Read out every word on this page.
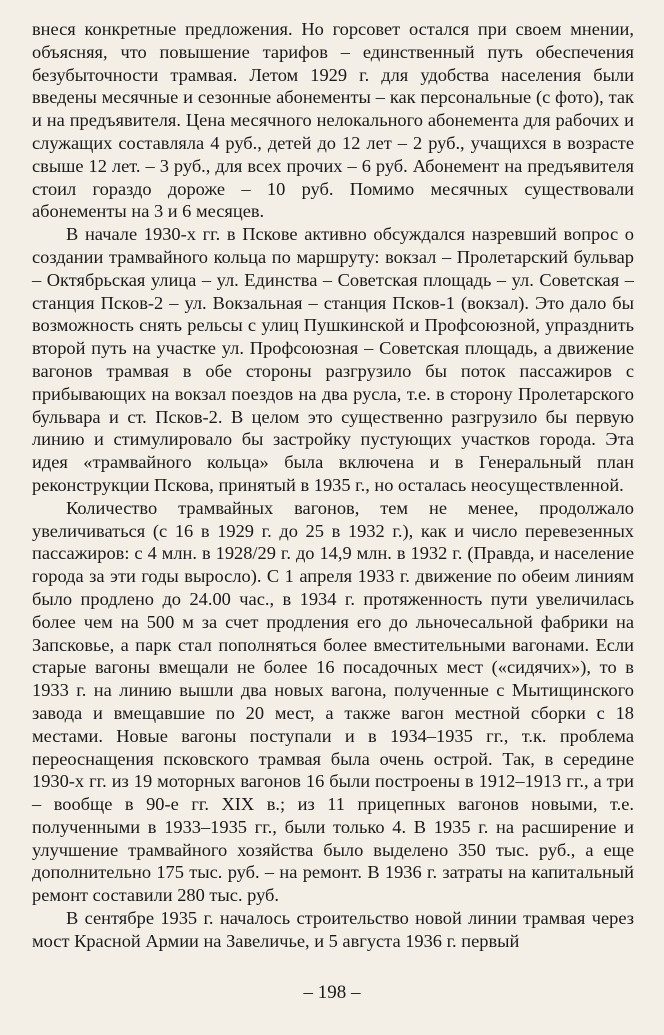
внеся конкретные предложения. Но горсовет остался при своем мнении, объясняя, что повышение тарифов – единственный путь обеспечения безубыточности трамвая. Летом 1929 г. для удобства населения были введены месячные и сезонные абонементы – как персональные (с фото), так и на предъявителя. Цена месячного нелокального абонемента для рабочих и служащих составляла 4 руб., детей до 12 лет – 2 руб., учащихся в возрасте свыше 12 лет. – 3 руб., для всех прочих – 6 руб. Абонемент на предъявителя стоил гораздо дороже – 10 руб. Помимо месячных существовали абонементы на 3 и 6 месяцев.

В начале 1930-х гг. в Пскове активно обсуждался назревший вопрос о создании трамвайного кольца по маршруту: вокзал – Пролетарский бульвар – Октябрьская улица – ул. Единства – Советская площадь – ул. Советская – станция Псков-2 – ул. Вокзальная – станция Псков-1 (вокзал). Это дало бы возможность снять рельсы с улиц Пушкинской и Профсоюзной, упразднить второй путь на участке ул. Профсоюзная – Советская площадь, а движение вагонов трамвая в обе стороны разгрузило бы поток пассажиров с прибывающих на вокзал поездов на два русла, т.е. в сторону Пролетарского бульвара и ст. Псков-2. В целом это существенно разгрузило бы первую линию и стимулировало бы застройку пустующих участков города. Эта идея «трамвайного кольца» была включена и в Генеральный план реконструкции Пскова, принятый в 1935 г., но осталась неосуществленной.

Количество трамвайных вагонов, тем не менее, продолжало увеличиваться (с 16 в 1929 г. до 25 в 1932 г.), как и число перевезенных пассажиров: с 4 млн. в 1928/29 г. до 14,9 млн. в 1932 г. (Правда, и население города за эти годы выросло). С 1 апреля 1933 г. движение по обеим линиям было продлено до 24.00 час., в 1934 г. протяженность пути увеличилась более чем на 500 м за счет продления его до льночесальной фабрики на Запсковье, а парк стал пополняться более вместительными вагонами. Если старые вагоны вмещали не более 16 посадочных мест («сидячих»), то в 1933 г. на линию вышли два новых вагона, полученные с Мытищинского завода и вмещавшие по 20 мест, а также вагон местной сборки с 18 местами. Новые вагоны поступали и в 1934–1935 гг., т.к. проблема переоснащения псковского трамвая была очень острой. Так, в середине 1930-х гг. из 19 моторных вагонов 16 были построены в 1912–1913 гг., а три – вообще в 90-е гг. XIX в.; из 11 прицепных вагонов новыми, т.е. полученными в 1933–1935 гг., были только 4. В 1935 г. на расширение и улучшение трамвайного хозяйства было выделено 350 тыс. руб., а еще дополнительно 175 тыс. руб. – на ремонт. В 1936 г. затраты на капитальный ремонт составили 280 тыс. руб.

В сентябре 1935 г. началось строительство новой линии трамвая через мост Красной Армии на Завеличье, и 5 августа 1936 г. первый

– 198 –
